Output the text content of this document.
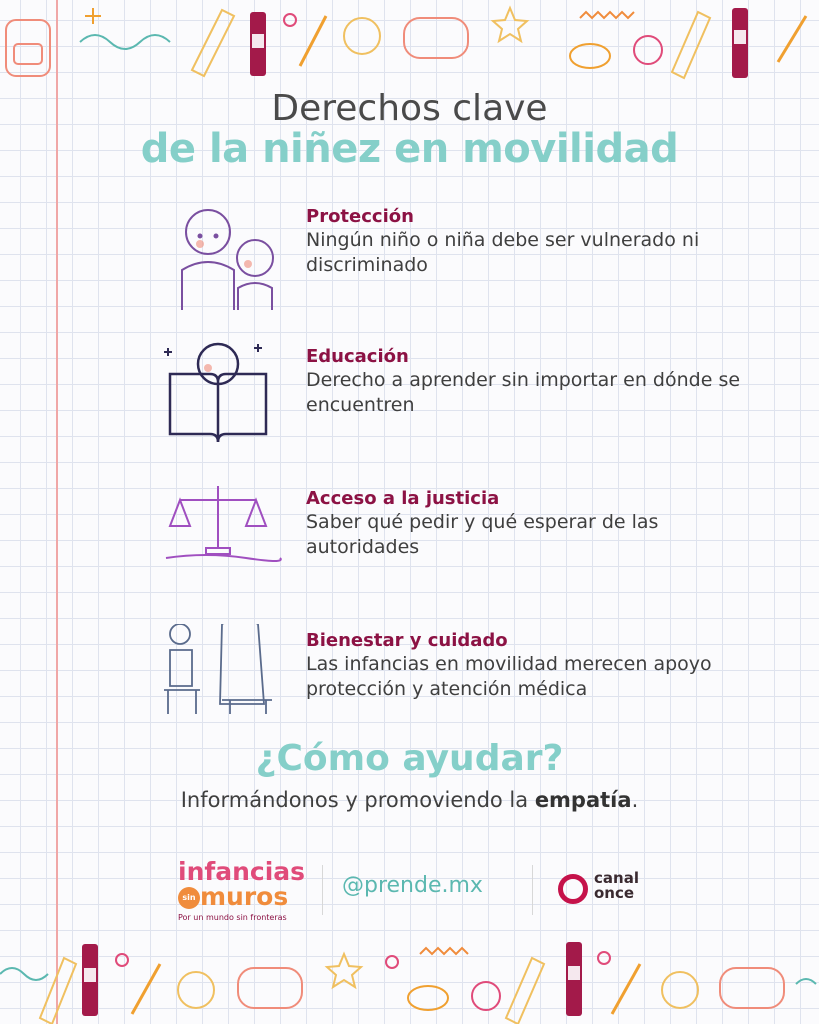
Derechos clave
de la niñez en movilidad
Protección
Ningún niño o niña debe ser vulnerado ni discriminado
Educación
Derecho a aprender sin importar en dónde se encuentren
Acceso a la justicia
Saber qué pedir y qué esperar de las autoridades
Bienestar y cuidado
Las infancias en movilidad merecen apoyo protección y atención médica
¿Cómo ayudar?
Informándonos y promoviendo la empatía.
infancias
sin muros
Por un mundo sin fronteras
@prende.mx	canal
once
